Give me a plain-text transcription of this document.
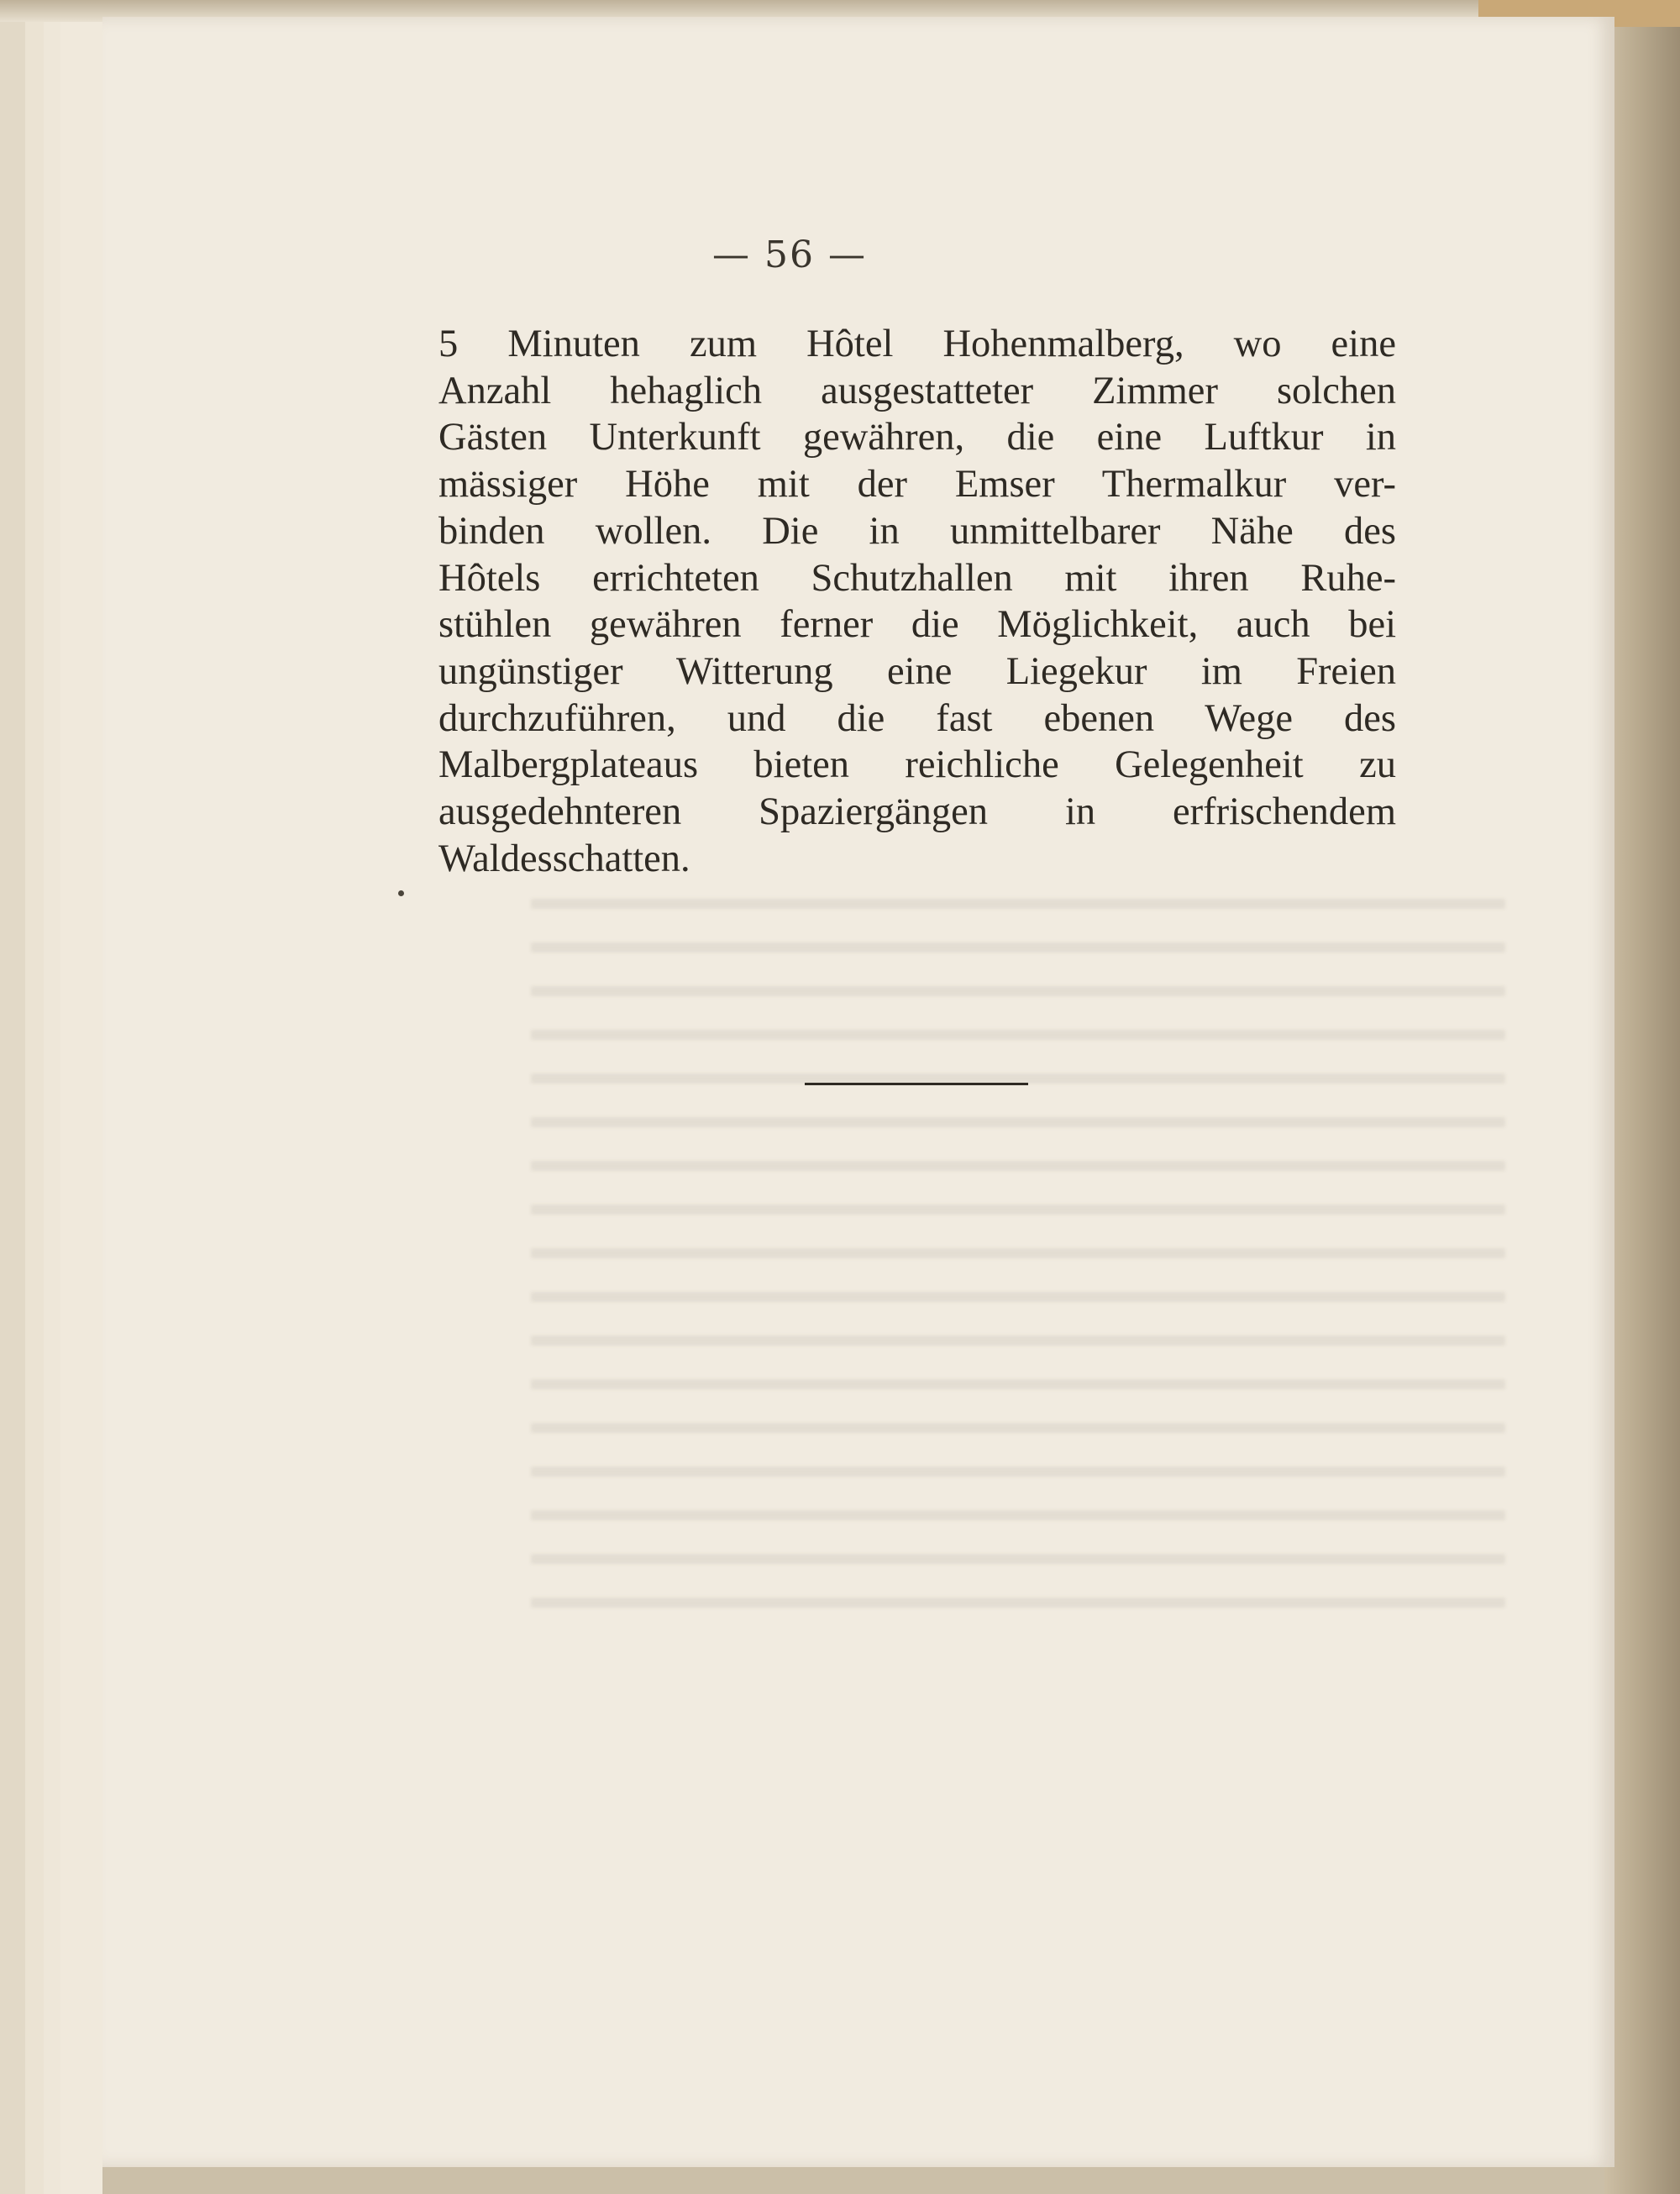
— 56 —
5 Minuten zum Hôtel Hohenmalberg, wo eine
Anzahl hehaglich ausgestatteter Zimmer solchen
Gästen Unterkunft gewähren, die eine Luftkur in
mässiger Höhe mit der Emser Thermalkur ver-
binden wollen. Die in unmittelbarer Nähe des
Hôtels errichteten Schutzhallen mit ihren Ruhe-
stühlen gewähren ferner die Möglichkeit, auch bei
ungünstiger Witterung eine Liegekur im Freien
durchzuführen, und die fast ebenen Wege des
Malbergplateaus bieten reichliche Gelegenheit zu
ausgedehnteren Spaziergängen in erfrischendem
Waldesschatten.
